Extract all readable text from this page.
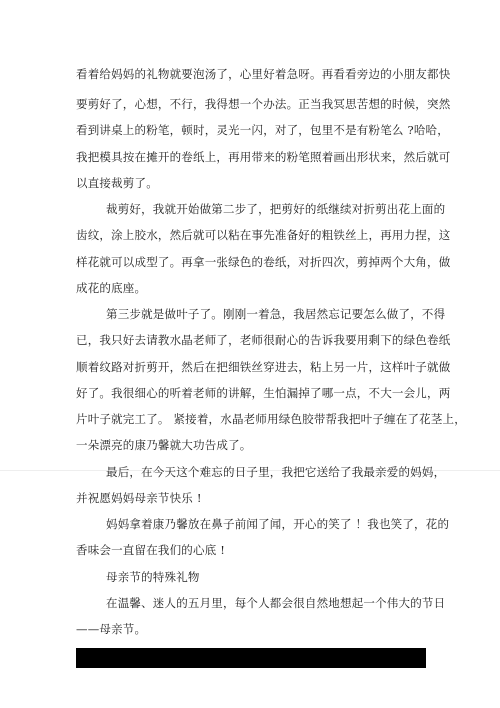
看着给妈妈的礼物就要泡汤了，心里好着急呀。再看看旁边的小朋友都快
要剪好了，心想，不行，我得想一个办法。正当我冥思苦想的时候，突然
看到讲桌上的粉笔，顿时，灵光一闪，对了，包里不是有粉笔么 ?哈哈，
我把模具按在摊开的卷纸上，再用带来的粉笔照着画出形状来，然后就可
以直接裁剪了。
裁剪好，我就开始做第二步了，把剪好的纸继续对折剪出花上面的
齿纹，涂上胶水，然后就可以粘在事先准备好的粗铁丝上，再用力捏，这
样花就可以成型了。再拿一张绿色的卷纸，对折四次，剪掉两个大角，做
成花的底座。
第三步就是做叶子了。刚刚一着急，我居然忘记要怎么做了，不得
已，我只好去请教水晶老师了，老师很耐心的告诉我要用剩下的绿色卷纸
顺着纹路对折剪开，然后在把细铁丝穿进去，粘上另一片，这样叶子就做
好了。我很细心的听着老师的讲解，生怕漏掉了哪一点，不大一会儿，两
片叶子就完工了。 紧接着，水晶老师用绿色胶带帮我把叶子缠在了花茎上，
一朵漂亮的康乃馨就大功告成了。
最后，在今天这个难忘的日子里，我把它送给了我最亲爱的妈妈，
并祝愿妈妈母亲节快乐 !
妈妈拿着康乃馨放在鼻子前闻了闻，开心的笑了 ！我也笑了，花的
香味会一直留在我们的心底 !
母亲节的特殊礼物
在温馨、迷人的五月里，每个人都会很自然地想起一个伟大的节日
——母亲节。
